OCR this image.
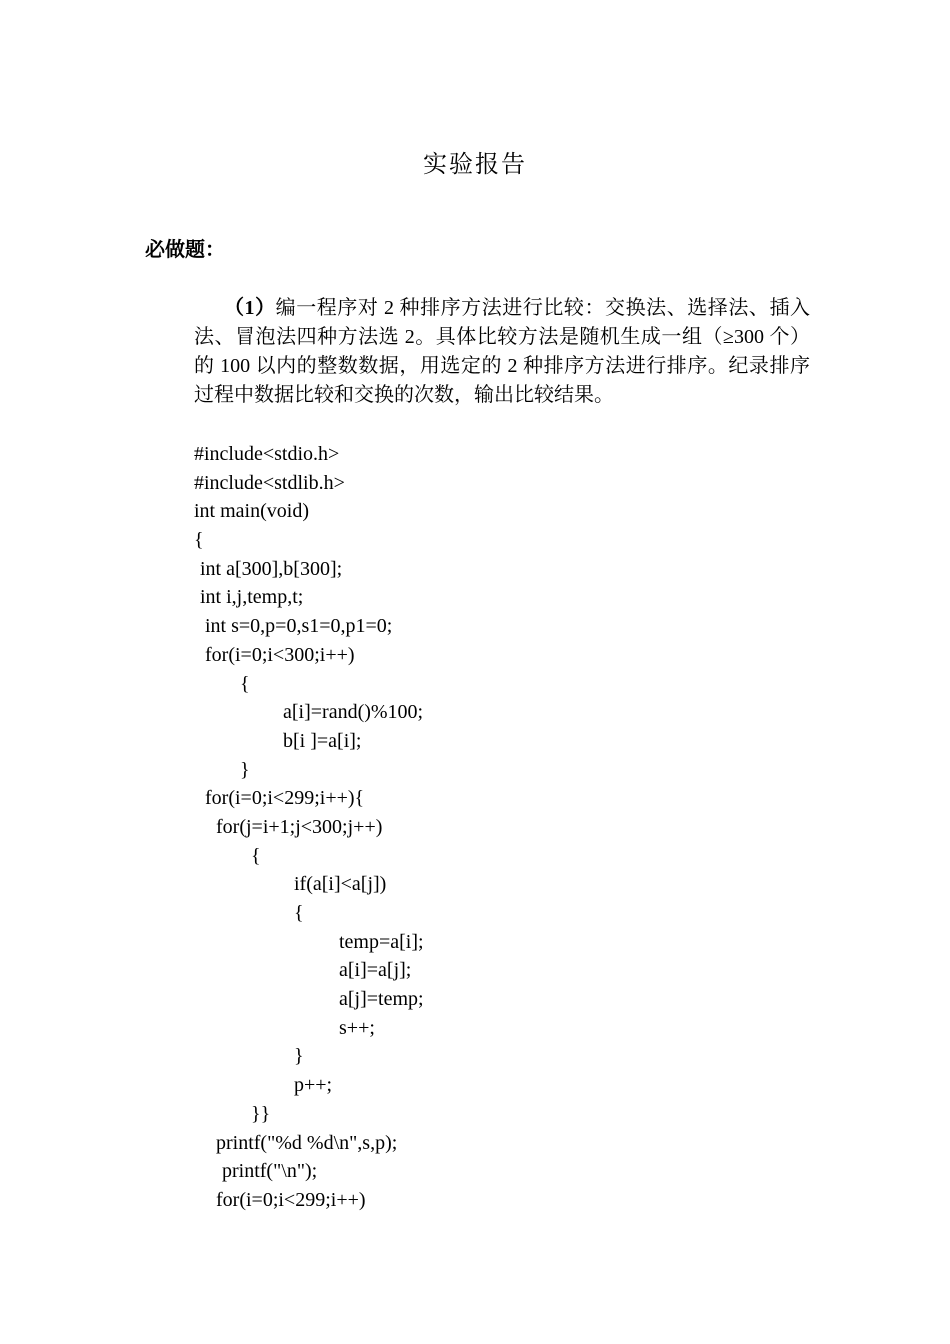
实验报告
必做题：

（1）编一程序对 2 种排序方法进行比较：交换法、选择法、插入法、冒泡法四种方法选 2。具体比较方法是随机生成一组（≥300 个）的 100 以内的整数数据，用选定的 2 种排序方法进行排序。纪录排序过程中数据比较和交换的次数，输出比较结果。

#include<stdio.h>
#include<stdlib.h>
int main(void)
{
int a[300],b[300];
int i,j,temp,t;
int s=0,p=0,s1=0,p1=0;
for(i=0;i<300;i++)
{
a[i]=rand()%100;
b[i ]=a[i];
}
for(i=0;i<299;i++){
for(j=i+1;j<300;j++)
{
if(a[i]<a[j])
{
temp=a[i];
a[i]=a[j];
a[j]=temp;
s++;
}
p++;
}}
printf("%d %d\n",s,p);
printf("\n");
for(i=0;i<299;i++)
